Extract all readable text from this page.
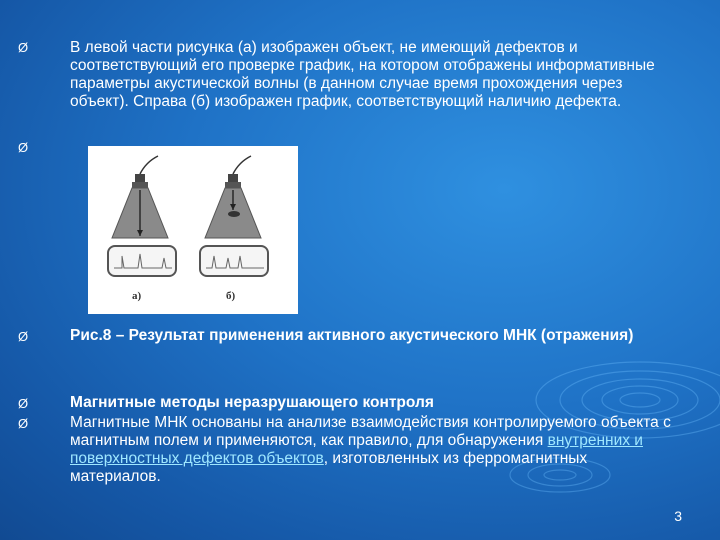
Ø	В левой части рисунка (а) изображен объект, не имеющий дефектов и соответствующий его проверке график, на котором отображены информативные параметры акустической волны (в данном случае время прохождения через объект). Справа (б) изображен график, соответствующий наличию дефекта.
Ø
а)	б)
Ø	Рис.8 – Результат применения активного акустического МНК (отражения)
Ø	Магнитные методы неразрушающего контроля
Ø	Магнитные МНК основаны на анализе взаимодействия контролируемого объекта с магнитным полем и применяются, как правило, для обнаружения внутренних и поверхностных дефектов объектов, изготовленных из ферромагнитных материалов.
3
